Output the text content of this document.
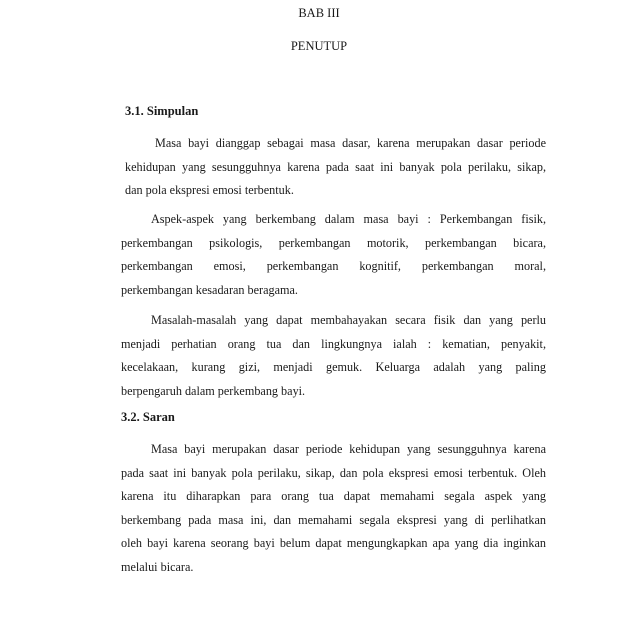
BAB III
PENUTUP
3.1. Simpulan
Masa bayi dianggap sebagai masa dasar, karena merupakan dasar periode
kehidupan yang sesungguhnya karena pada saat ini banyak pola perilaku, sikap,
dan pola ekspresi emosi terbentuk.
Aspek-aspek yang berkembang dalam masa bayi : Perkembangan fisik,
perkembangan psikologis, perkembangan motorik, perkembangan bicara,
perkembangan emosi, perkembangan kognitif, perkembangan moral,
perkembangan kesadaran beragama.
Masalah-masalah yang dapat membahayakan secara fisik dan yang perlu
menjadi perhatian orang tua dan lingkungnya ialah : kematian, penyakit,
kecelakaan, kurang gizi, menjadi gemuk. Keluarga adalah yang paling
berpengaruh dalam perkembang bayi.
3.2. Saran
Masa bayi merupakan dasar periode kehidupan yang sesungguhnya karena
pada saat ini banyak pola perilaku, sikap, dan pola ekspresi emosi terbentuk. Oleh
karena itu diharapkan para orang tua dapat memahami segala aspek yang
berkembang pada masa ini, dan memahami segala ekspresi yang di perlihatkan
oleh bayi karena seorang bayi belum dapat mengungkapkan apa yang dia inginkan
melalui bicara.
